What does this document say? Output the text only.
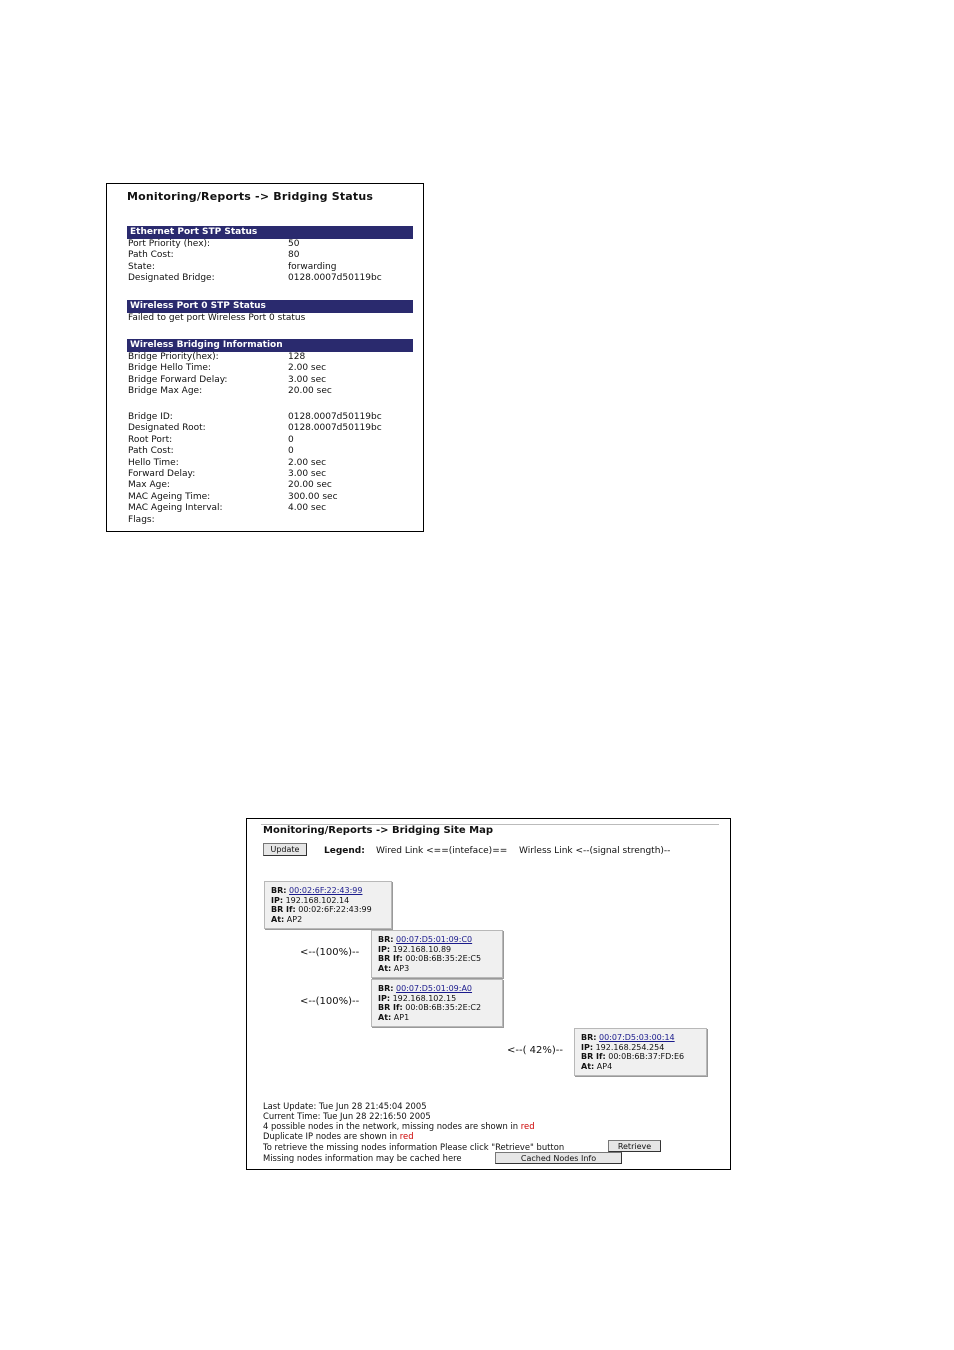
Monitoring/Reports -> Bridging Status
Ethernet Port STP Status
Port Priority (hex):	50
Path Cost:	80
State:	forwarding
Designated Bridge:	0128.0007d50119bc
Wireless Port 0 STP Status
Failed to get port Wireless Port 0 status
Wireless Bridging Information
Bridge Priority(hex):	128
Bridge Hello Time:	2.00 sec
Bridge Forward Delay:	3.00 sec
Bridge Max Age:	20.00 sec
Bridge ID:	0128.0007d50119bc
Designated Root:	0128.0007d50119bc
Root Port:	0
Path Cost:	0
Hello Time:	2.00 sec
Forward Delay:	3.00 sec
Max Age:	20.00 sec
MAC Ageing Time:	300.00 sec
MAC Ageing Interval:	4.00 sec
Flags:
Monitoring/Reports -> Bridging Site Map
Update	Legend: Wired Link <==(inteface)== Wirless Link <--(signal strength)--
BR: 00:02:6F:22:43:99
IP: 192.168.102.14
BR If: 00:02:6F:22:43:99
At: AP2
<--(100%)--
BR: 00:07:D5:01:09:C0
IP: 192.168.10.89
BR If: 00:0B:6B:35:2E:C5
At: AP3
<--(100%)--
BR: 00:07:D5:01:09:A0
IP: 192.168.102.15
BR If: 00:0B:6B:35:2E:C2
At: AP1
<--( 42%)--
BR: 00:07:D5:03:00:14
IP: 192.168.254.254
BR If: 00:0B:6B:37:FD:E6
At: AP4
Last Update: Tue Jun 28 21:45:04 2005
Current Time: Tue Jun 28 22:16:50 2005
4 possible nodes in the network, missing nodes are shown in red
Duplicate IP nodes are shown in red
To retrieve the missing nodes information Please click "Retrieve" button	Retrieve
Missing nodes information may be cached here	Cached Nodes Info
